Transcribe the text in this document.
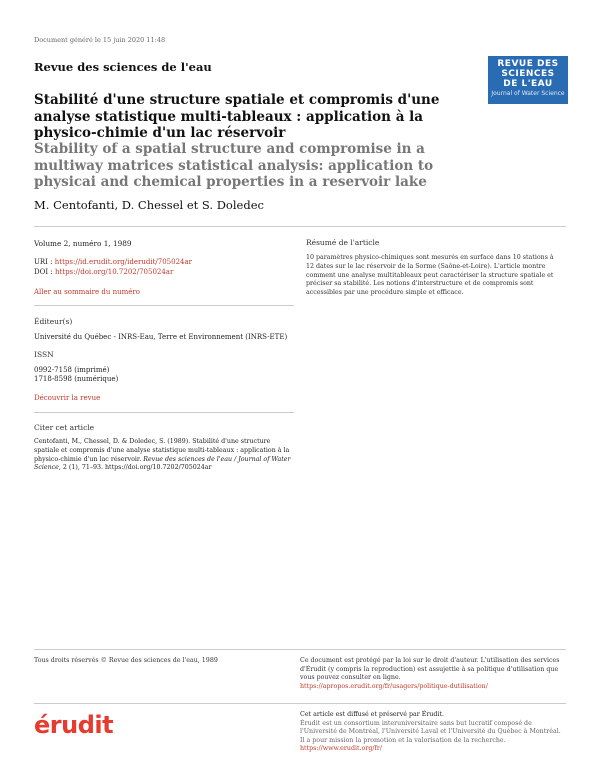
Document généré le 15 juin 2020 11:48
Revue des sciences de l'eau	REVUE DES
SCIENCES
DE L'EAU
Journal of Water Science
Stabilité d'une structure spatiale et compromis d'une analyse statistique multi-tableaux : application à la physico-chimie d'un lac réservoir
Stability of a spatial structure and compromise in a multiway matrices statistical analysis: application to physicai and chemical properties in a reservoir lake
M. Centofanti, D. Chessel et S. Doledec
Volume 2, numéro 1, 1989
URI : https://id.erudit.org/iderudit/705024ar
DOI : https://doi.org/10.7202/705024ar
Aller au sommaire du numéro
Éditeur(s)
Université du Québec - INRS-Eau, Terre et Environnement (INRS-ETE)
ISSN
0992-7158 (imprimé)
1718-8598 (numérique)
Découvrir la revue
Citer cet article
Centofanti, M., Chessel, D. & Doledec, S. (1989). Stabilité d'une structure spatiale et compromis d'une analyse statistique multi-tableaux : application à la physico-chimie d'un lac réservoir. Revue des sciences de l'eau / Journal of Water Science, 2 (1), 71–93. https://doi.org/10.7202/705024ar
Résumé de l'article
10 paramètres physico-chimiques sont mesurés en surface dans 10 stations à 12 dates sur le lac réservoir de la Sorme (Saône-et-Loire). L'article montre comment une analyse multitableaux peut caractériser la structure spatiale et préciser sa stabilité. Les notions d'interstructure et de compromis sont accessibles par une procédure simple et efficace.
Tous droits réservés © Revue des sciences de l'eau, 1989	Ce document est protégé par la loi sur le droit d'auteur. L'utilisation des services d'Érudit (y compris la reproduction) est assujettie à sa politique d'utilisation que vous pouvez consulter en ligne.
https://apropos.erudit.org/fr/usagers/politique-dutilisation/
érudit	Cet article est diffusé et préservé par Érudit.
Érudit est un consortium interuniversitaire sans but lucratif composé de l'Université de Montréal, l'Université Laval et l'Université du Québec à Montréal. Il a pour mission la promotion et la valorisation de la recherche.
https://www.erudit.org/fr/
